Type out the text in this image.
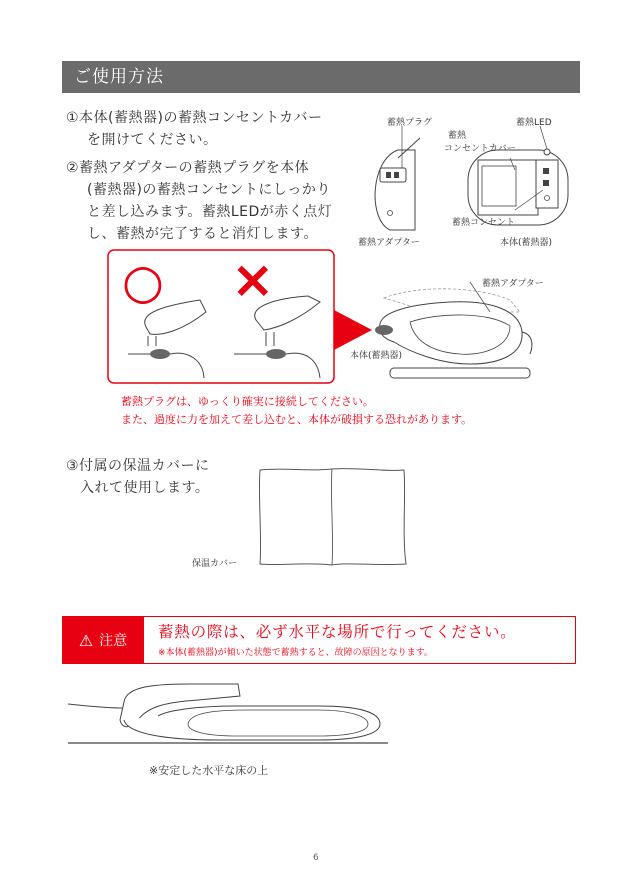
ご使用方法
①本体(蓄熱器)の蓄熱コンセントカバー
を開けてください。
②蓄熱アダプターの蓄熱プラグを本体
(蓄熱器)の蓄熱コンセントにしっかり
と差し込みます。蓄熱LEDが赤く点灯
し、蓄熱が完了すると消灯します。
蓄熱プラグ
蓄熱
コンセントカバー
蓄熱LED
蓄熱コンセント
蓄熱アダプター	本体(蓄熱器)
○ ×	蓄熱アダプター
本体(蓄熱器)
蓄熱プラグは、ゆっくり確実に接続してください。
また、過度に力を加えて差し込むと、本体が破損する恐れがあります。
③付属の保温カバーに
入れて使用します。
保温カバー
⚠ 注意 蓄熱の際は、必ず水平な場所で行ってください。
※本体(蓄熱器)が傾いた状態で蓄熱すると、故障の原因となります。
※安定した水平な床の上
6
